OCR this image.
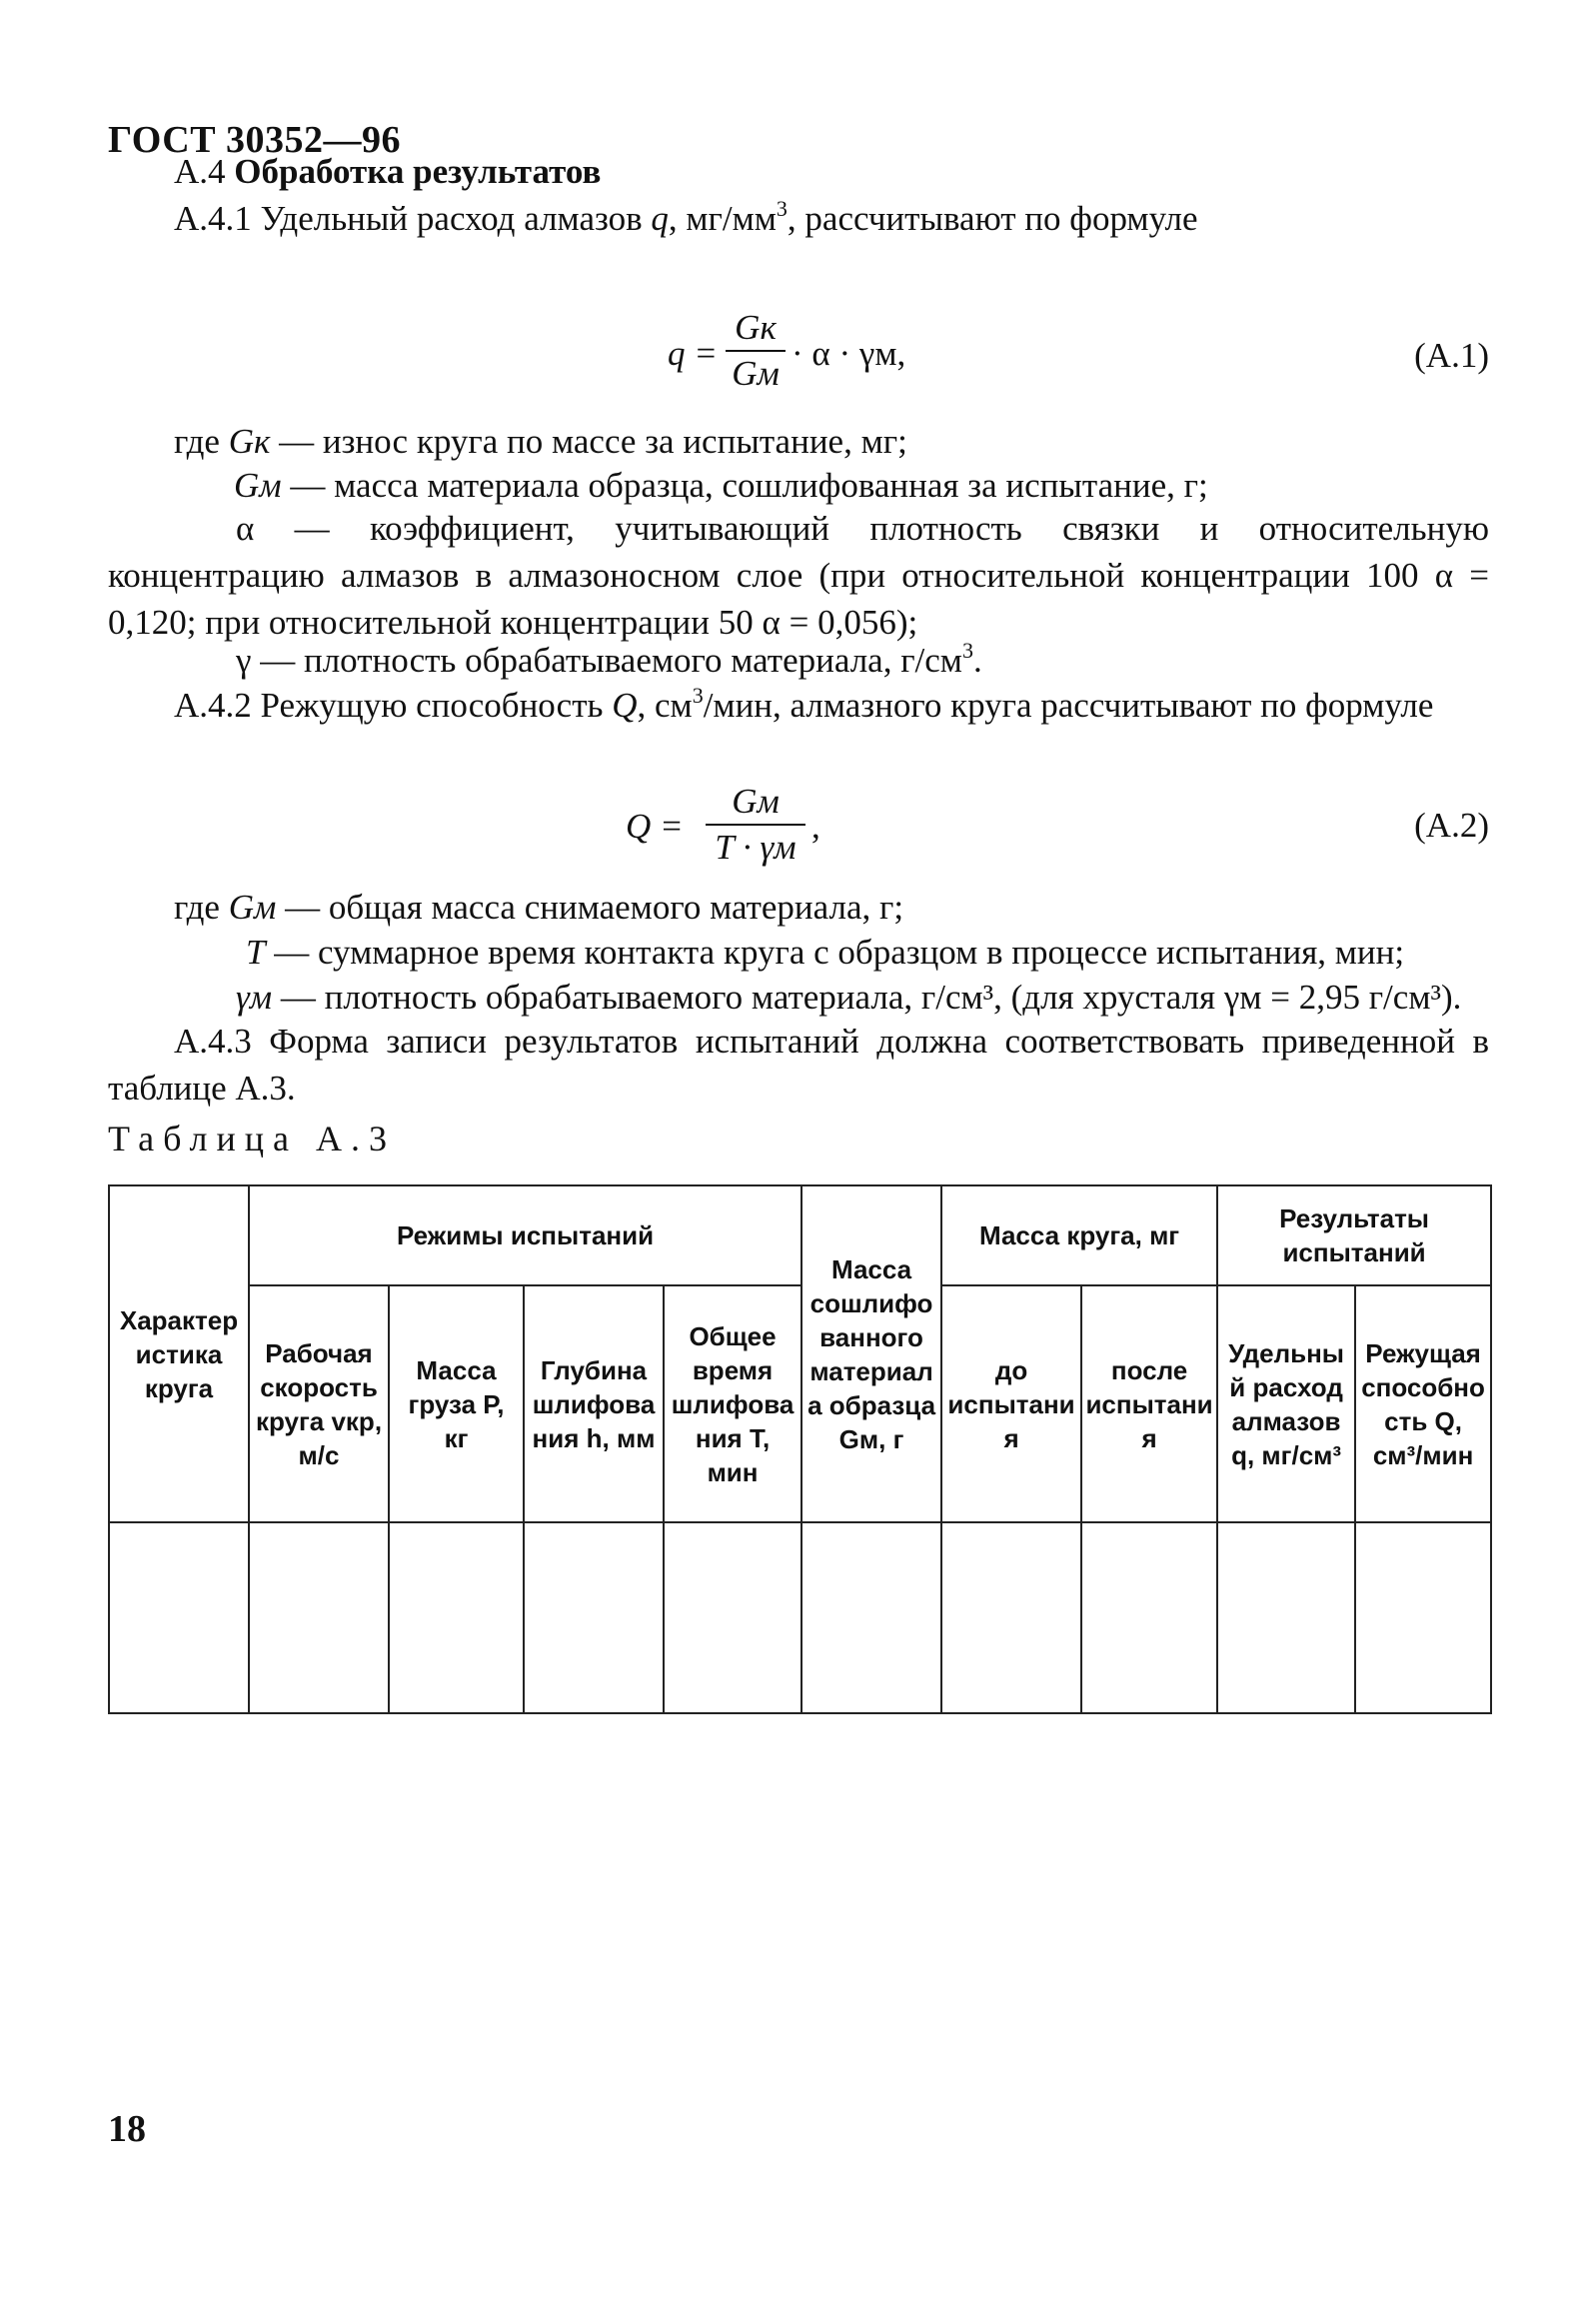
ГОСТ 30352—96
А.4 Обработка результатов
А.4.1 Удельный расход алмазов q, $мг/мм^3$, рассчитывают по формуле
q =
Gк
Gм
· α · γм,	(А.1)
где Gк — износ круга по массе за испытание, мг;
Gм — масса материала образца, сошлифованная за испытание, г;
α — коэффициент, учитывающий плотность связки и относительную концентрацию алмазов в алмазоносном слое (при относительной концентрации 100 α = 0,120; при относительной концентрации 50 α = 0,056);
γ — плотность обрабатываемого материала, $г/см^3$.
А.4.2 Режущую способность Q, $см^3$/мин, алмазного круга рассчитывают по формуле
Q =
Gм
T · γм
,	(А.2)
где Gм — общая масса снимаемого материала, г;
T — суммарное время контакта круга с образцом в процессе испытания, мин;
γм — плотность обрабатываемого материала, г/см³, (для хрусталя γм = 2,95 г/см³).
А.4.3 Форма записи результатов испытаний должна соответствовать приведенной в таблице А.3.
Таблица А.3
Характеристика круга	Режимы испытаний				Масса сошлифованного материала образца Gм, г	Масса круга, мг		Результаты испытаний	
	Рабочая скорость круга vкр, м/с	Масса груза P, кг	Глубина шлифования h, мм	Общее время шлифования T, мин		до испытания	после испытания	Удельный расход алмазов q, мг/см³	Режущая способность Q, см³/мин

18
